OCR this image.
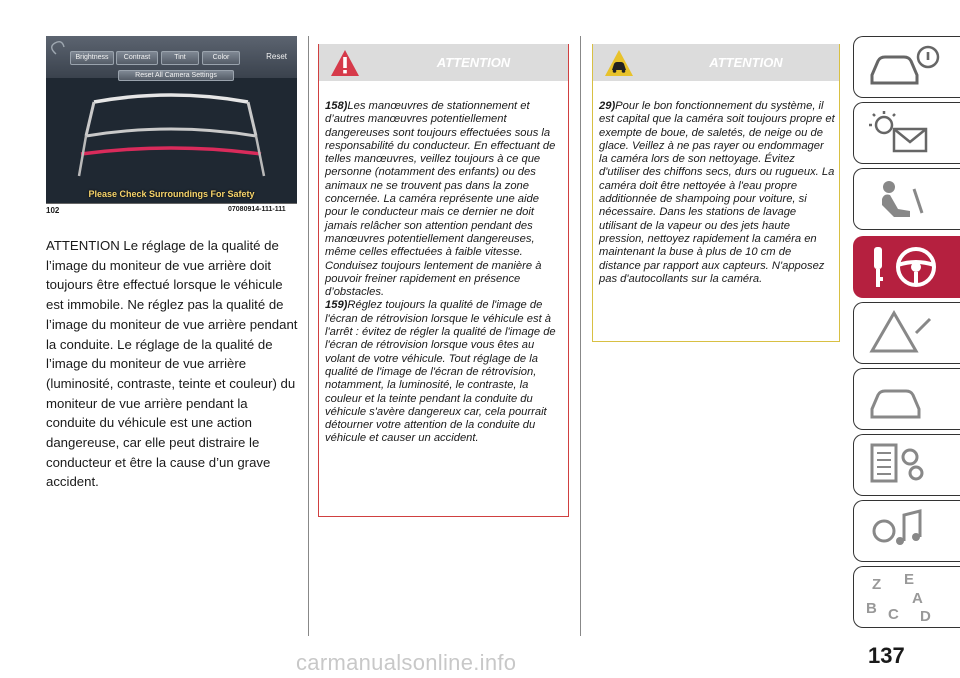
Brightness	Contrast	Tint	Color	Reset
Reset All Camera Settings
Please Check Surroundings For Safety
102	07080914-111-111
ATTENTION Le réglage de la qualité de l’image du moniteur de vue arrière doit toujours être effectué lorsque le véhicule est immobile. Ne réglez pas la qualité de l’image du moniteur de vue arrière pendant la conduite. Le réglage de la qualité de l’image du moniteur de vue arrière (luminosité, contraste, teinte et couleur) du moniteur de vue arrière pendant la conduite du véhicule est une action dangereuse, car elle peut distraire le conducteur et être la cause d’un grave accident.
ATTENTION

158)Les manœuvres de stationnement et d’autres manœuvres potentiellement dangereuses sont toujours effectuées sous la responsabilité du conducteur. En effectuant de telles manœuvres, veillez toujours à ce que personne (notamment des enfants) ou des animaux ne se trouvent pas dans la zone concernée. La caméra représente une aide pour le conducteur mais ce dernier ne doit jamais relâcher son attention pendant des manœuvres potentiellement dangereuses, même celles effectuées à faible vitesse. Conduisez toujours lentement de manière à pouvoir freiner rapidement en présence d’obstacles.

159)Réglez toujours la qualité de l'image de l'écran de rétrovision lorsque le véhicule est à l'arrêt : évitez de régler la qualité de l'image de l'écran de rétrovision lorsque vous êtes au volant de votre véhicule. Tout réglage de la qualité de l'image de l'écran de rétrovision, notamment, la luminosité, le contraste, la couleur et la teinte pendant la conduite du véhicule s'avère dangereux car, cela pourrait détourner votre attention de la conduite du véhicule et causer un accident.

ATTENTION

29)Pour le bon fonctionnement du système, il est capital que la caméra soit toujours propre et exempte de boue, de saletés, de neige ou de glace. Veillez à ne pas rayer ou endommager la caméra lors de son nettoyage. Évitez d'utiliser des chiffons secs, durs ou rugueux. La caméra doit être nettoyée à l'eau propre additionnée de shampoing pour voiture, si nécessaire. Dans les stations de lavage utilisant de la vapeur ou des jets haute pression, nettoyez rapidement la caméra en maintenant la buse à plus de 10 cm de distance par rapport aux capteurs. N'apposez pas d'autocollants sur la caméra.

Z E
A
B C D
137
carmanualsonline.info
